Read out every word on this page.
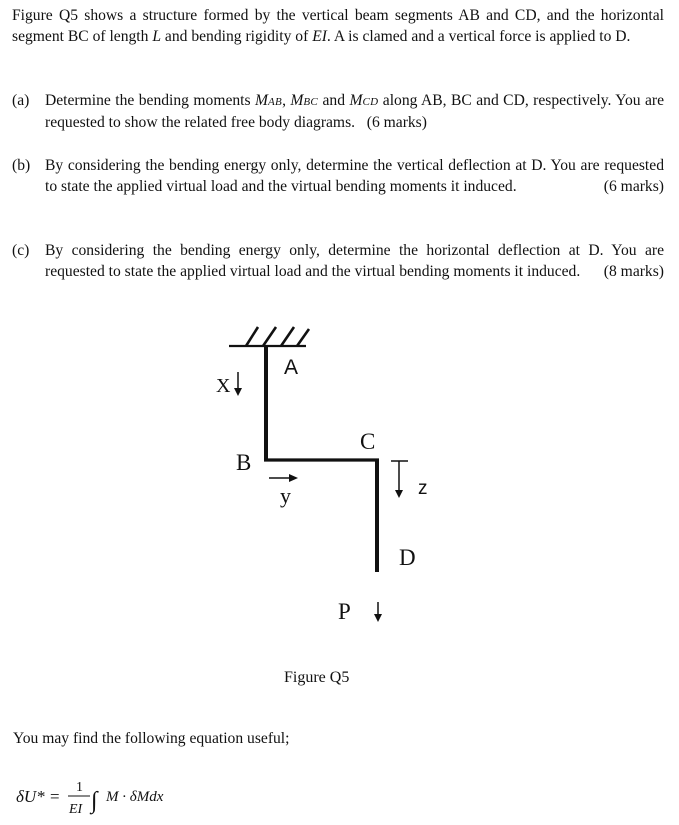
Figure Q5 shows a structure formed by the vertical beam segments AB and CD, and the horizontal segment BC of length L and bending rigidity of EI. A is clamed and a vertical force is applied to D.
(a) Determine the bending moments MAB, MBC and MCD along AB, BC and CD, respectively. You are requested to show the related free body diagrams. (6 marks)
(b) By considering the bending energy only, determine the vertical deflection at D. You are requested to state the applied virtual load and the virtual bending moments it induced.	(6 marks)
(c) By considering the bending energy only, determine the horizontal deflection at D. You are requested to state the applied virtual load and the virtual bending moments it induced. (8 marks)
A
X
B
C
y	z
D
P
Figure Q5
δU* = 1
EI ∫ M · δMdx
You may find the following equation useful;
